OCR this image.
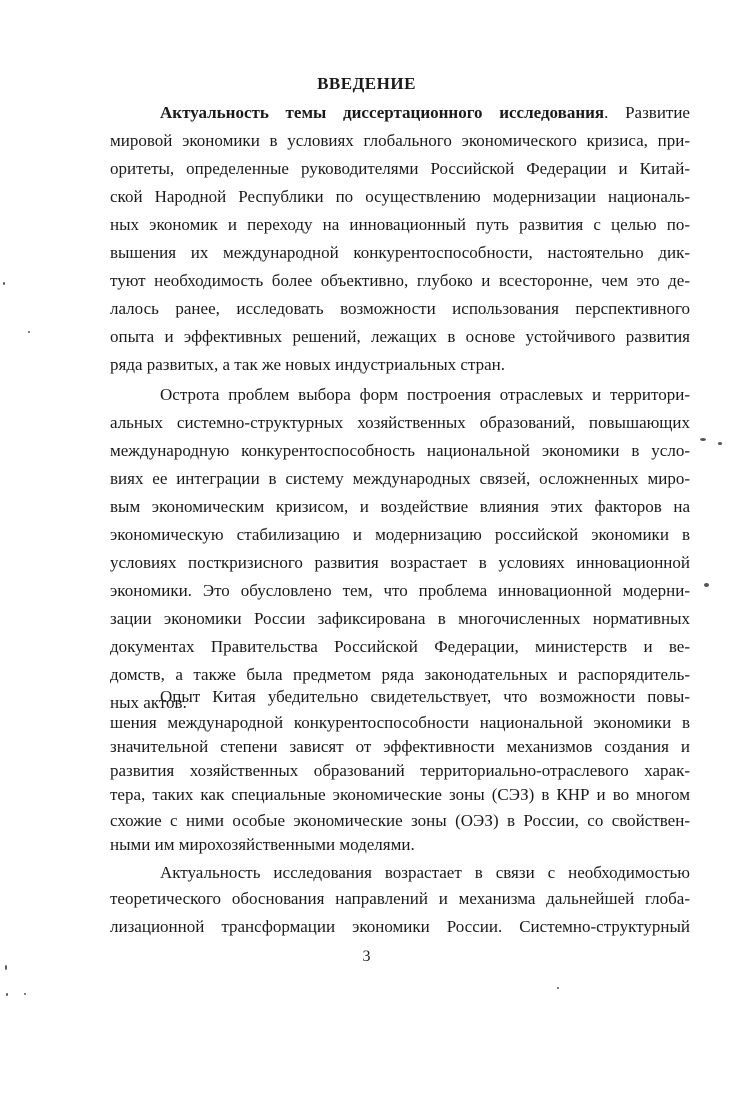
ВВЕДЕНИЕ
Актуальность темы диссертационного исследования. Развитие
мировой экономики в условиях глобального экономического кризиса, при-
оритеты, определенные руководителями Российской Федерации и Китай-
ской Народной Республики по осуществлению модернизации националь-
ных экономик и переходу на инновационный путь развития с целью по-
вышения их международной конкурентоспособности, настоятельно дик-
туют необходимость более объективно, глубоко и всесторонне, чем это де-
лалось ранее, исследовать возможности использования перспективного
опыта и эффективных решений, лежащих в основе устойчивого развития
ряда развитых, а так же новых индустриальных стран.
Острота проблем выбора форм построения отраслевых и территори-
альных системно-структурных хозяйственных образований, повышающих
международную конкурентоспособность национальной экономики в усло-
виях ее интеграции в систему международных связей, осложненных миро-
вым экономическим кризисом, и воздействие влияния этих факторов на
экономическую стабилизацию и модернизацию российской экономики в
условиях посткризисного развития возрастает в условиях инновационной
экономики. Это обусловлено тем, что проблема инновационной модерни-
зации экономики России зафиксирована в многочисленных нормативных
документах Правительства Российской Федерации, министерств и ве-
домств, а также была предметом ряда законодательных и распорядитель-
ных актов.
Опыт Китая убедительно свидетельствует, что возможности повы-
шения международной конкурентоспособности национальной экономики в
значительной степени зависят от эффективности механизмов создания и
развития хозяйственных образований территориально-отраслевого харак-
тера, таких как специальные экономические зоны (СЭЗ) в КНР и во многом
схожие с ними особые экономические зоны (ОЭЗ) в России, со свойствен-
ными им мирохозяйственными моделями.
Актуальность исследования возрастает в связи с необходимостью
3
теоретического обоснования направлений и механизма дальнейшей глоба-
лизационной трансформации экономики России. Системно-структурный
